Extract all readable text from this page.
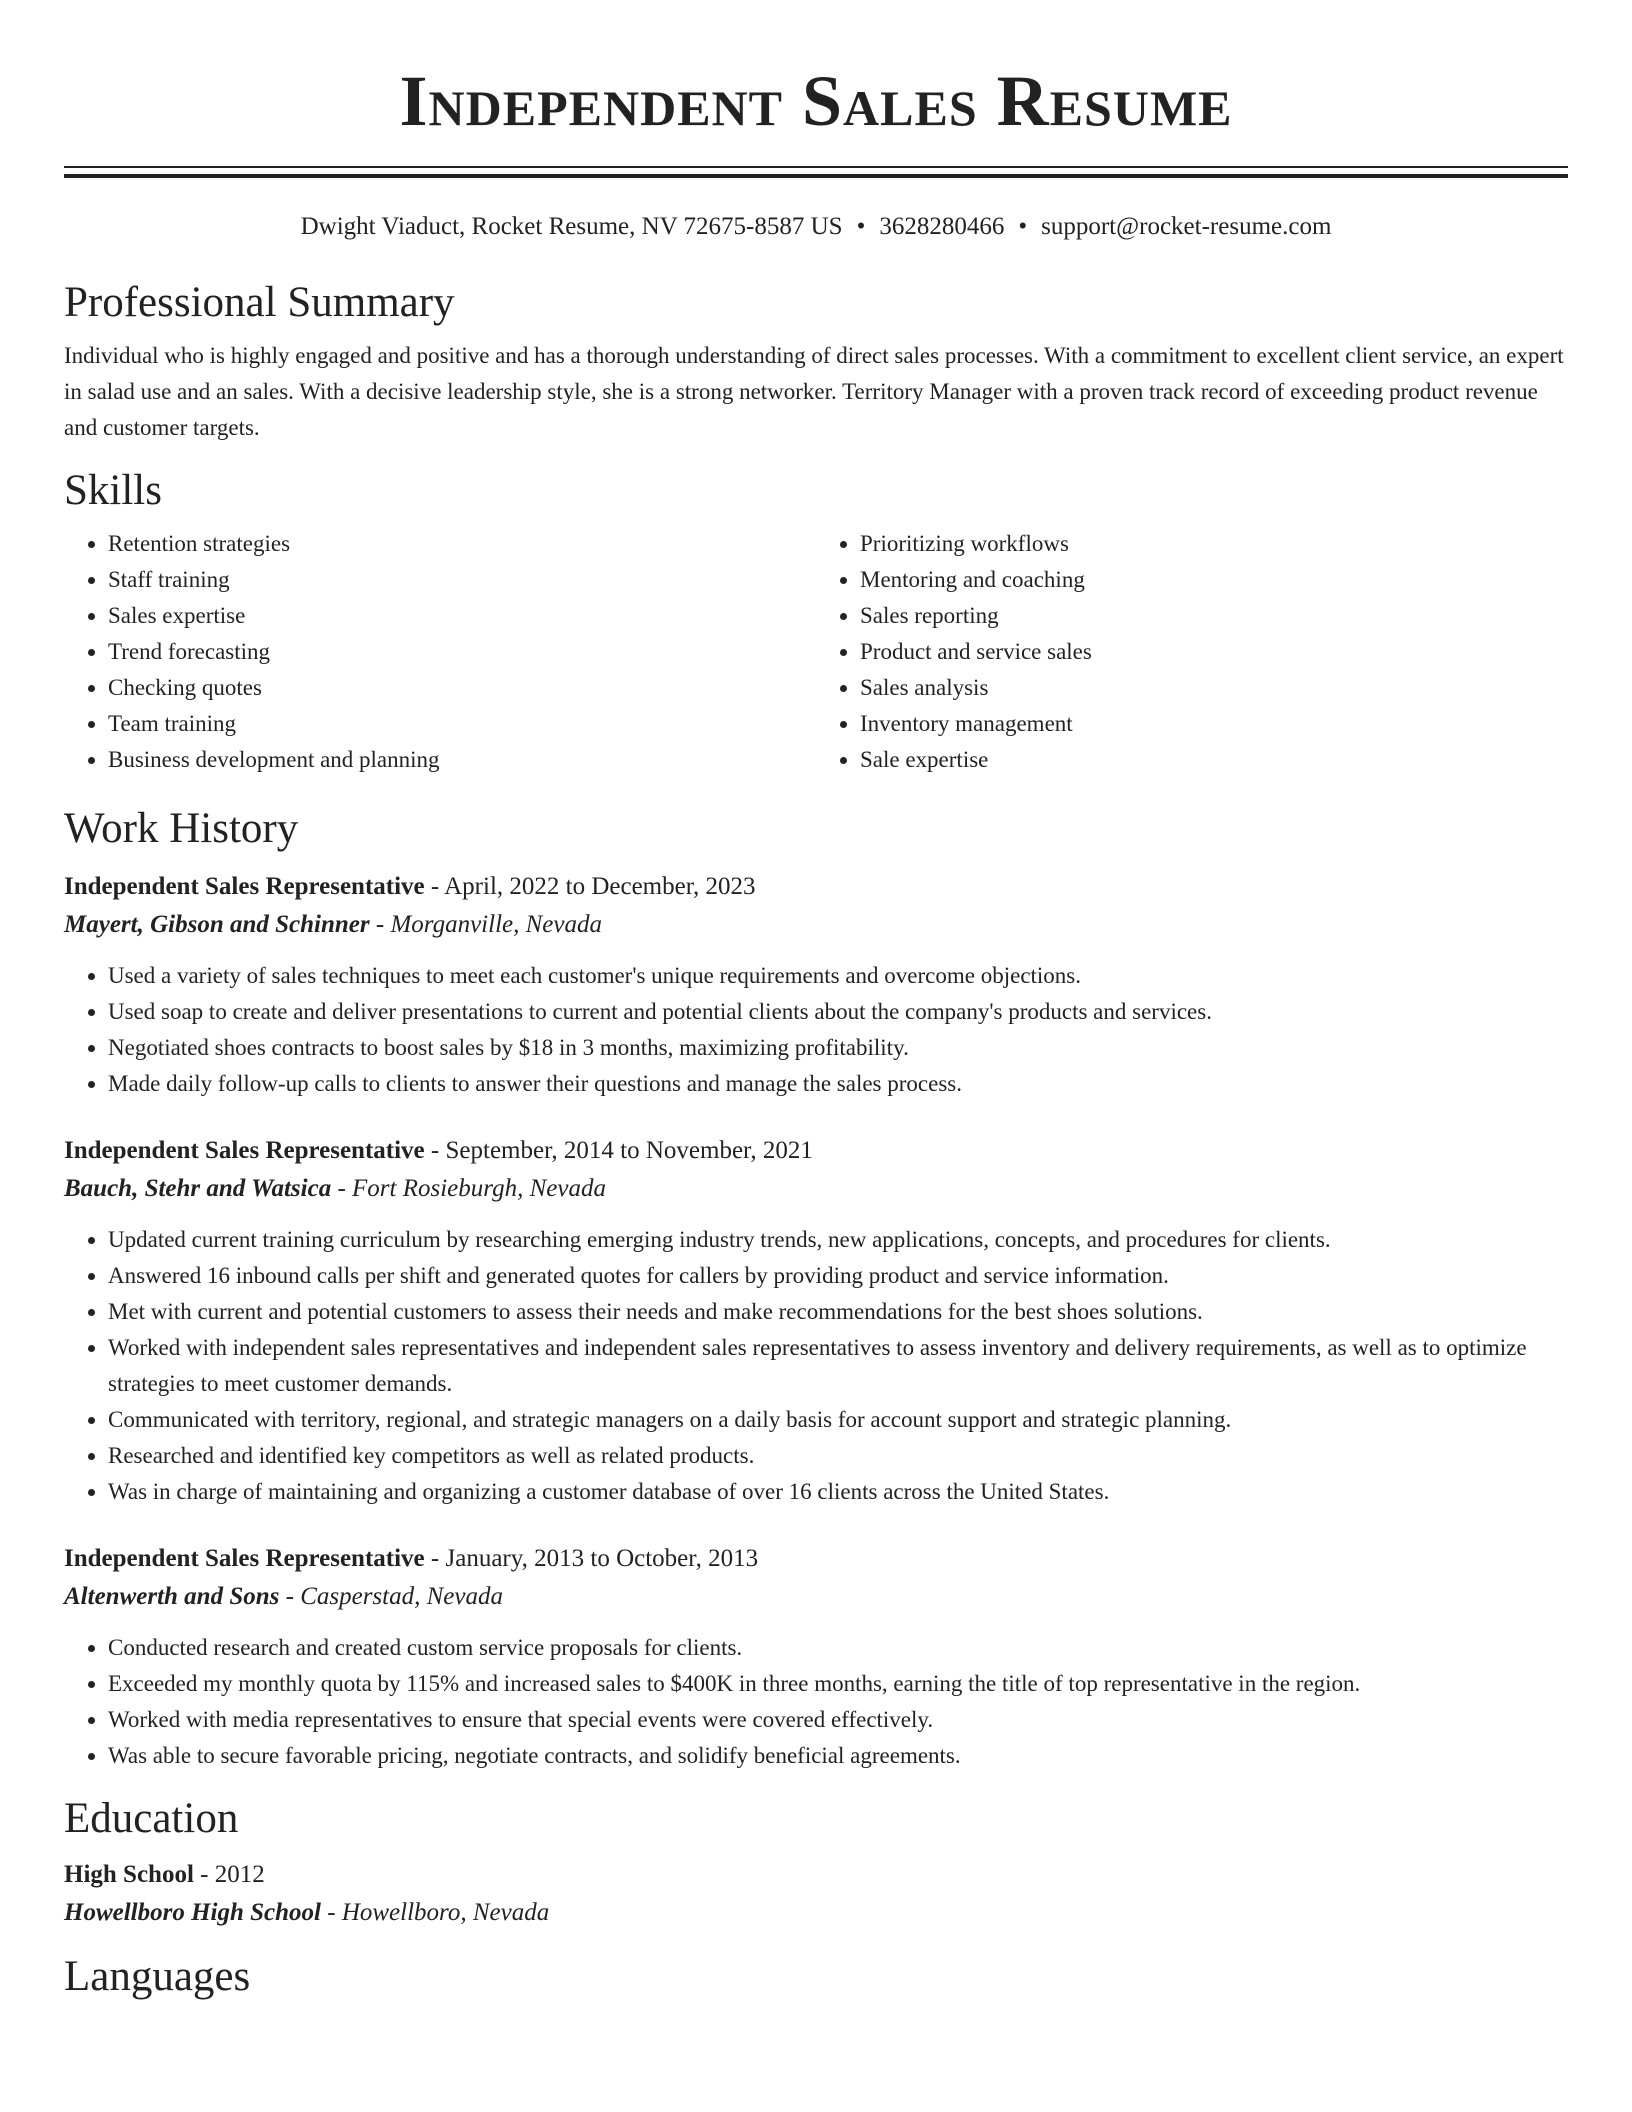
Independent Sales Resume
Dwight Viaduct, Rocket Resume, NV 72675-8587 US • 3628280466 • support@rocket-resume.com
Professional Summary

Individual who is highly engaged and positive and has a thorough understanding of direct sales processes. With a commitment to excellent client service, an expert in salad use and an sales. With a decisive leadership style, she is a strong networker. Territory Manager with a proven track record of exceeding product revenue and customer targets.

Skills
• Retention strategies
• Staff training
• Sales expertise
• Trend forecasting
• Checking quotes
• Team training
• Business development and planning
• Prioritizing workflows
• Mentoring and coaching
• Sales reporting
• Product and service sales
• Sales analysis
• Inventory management
• Sale expertise
Work History
Independent Sales Representative - April, 2022 to December, 2023
Mayert, Gibson and Schinner - Morganville, Nevada
• Used a variety of sales techniques to meet each customer's unique requirements and overcome objections.
• Used soap to create and deliver presentations to current and potential clients about the company's products and services.
• Negotiated shoes contracts to boost sales by $18 in 3 months, maximizing profitability.
• Made daily follow-up calls to clients to answer their questions and manage the sales process.
Independent Sales Representative - September, 2014 to November, 2021
Bauch, Stehr and Watsica - Fort Rosieburgh, Nevada
• Updated current training curriculum by researching emerging industry trends, new applications, concepts, and procedures for clients.
• Answered 16 inbound calls per shift and generated quotes for callers by providing product and service information.
• Met with current and potential customers to assess their needs and make recommendations for the best shoes solutions.
• Worked with independent sales representatives and independent sales representatives to assess inventory and delivery requirements, as well as to optimize strategies to meet customer demands.
• Communicated with territory, regional, and strategic managers on a daily basis for account support and strategic planning.
• Researched and identified key competitors as well as related products.
• Was in charge of maintaining and organizing a customer database of over 16 clients across the United States.
Independent Sales Representative - January, 2013 to October, 2013
Altenwerth and Sons - Casperstad, Nevada
• Conducted research and created custom service proposals for clients.
• Exceeded my monthly quota by 115% and increased sales to $400K in three months, earning the title of top representative in the region.
• Worked with media representatives to ensure that special events were covered effectively.
• Was able to secure favorable pricing, negotiate contracts, and solidify beneficial agreements.
Education
High School - 2012
Howellboro High School - Howellboro, Nevada
Languages
